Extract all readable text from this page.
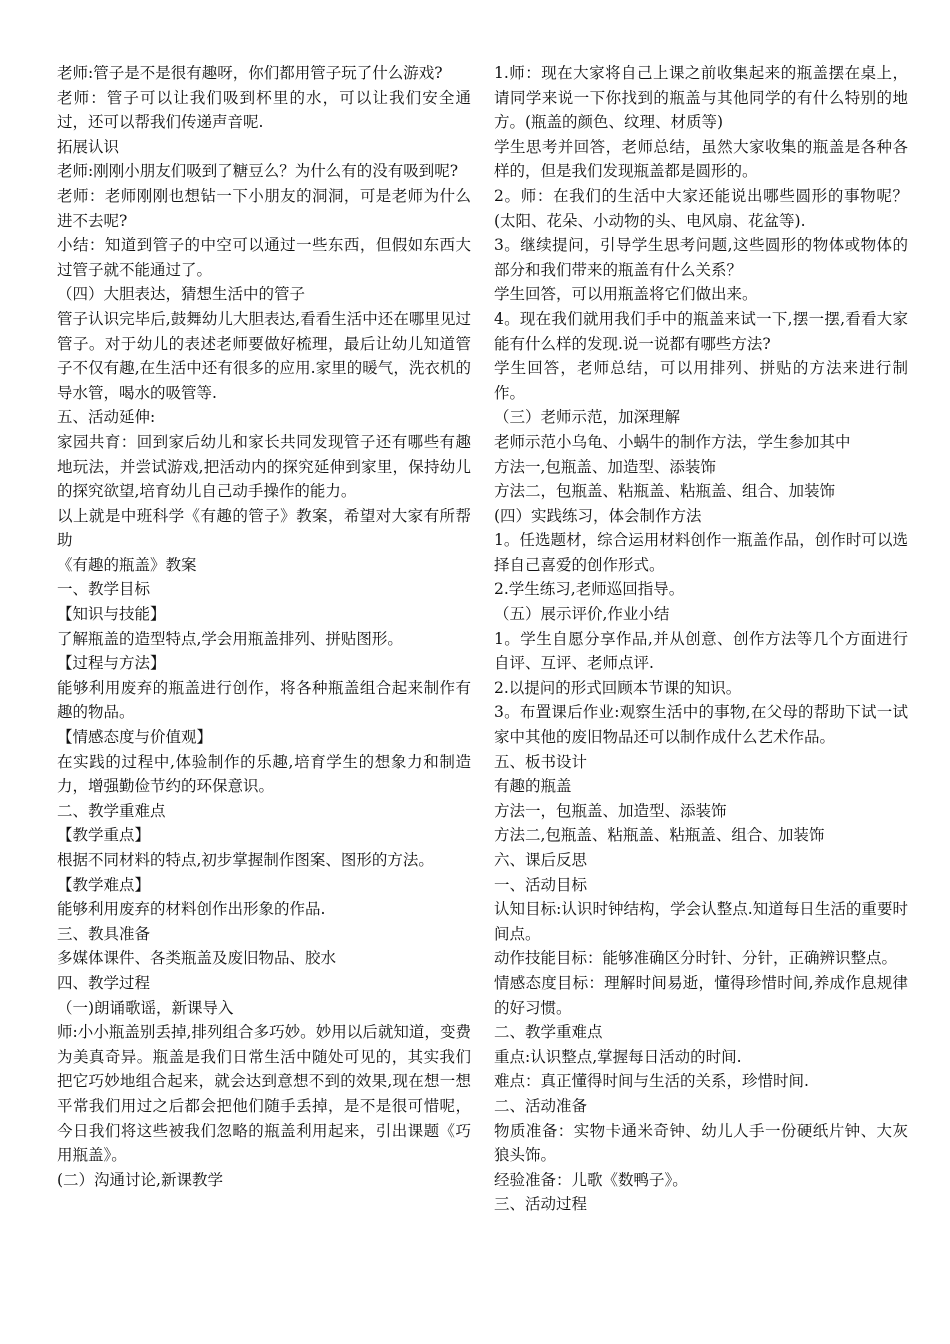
老师:管子是不是很有趣呀，你们都用管子玩了什么游戏?

老师：管子可以让我们吸到杯里的水，可以让我们安全通过，还可以帮我们传递声音呢.

拓展认识

老师:刚刚小朋友们吸到了糖豆么？为什么有的没有吸到呢?

老师：老师刚刚也想钻一下小朋友的洞洞，可是老师为什么进不去呢?

小结：知道到管子的中空可以通过一些东西，但假如东西大过管子就不能通过了。

（四）大胆表达，猜想生活中的管子

管子认识完毕后,鼓舞幼儿大胆表达,看看生活中还在哪里见过管子。对于幼儿的表述老师要做好梳理，最后让幼儿知道管子不仅有趣,在生活中还有很多的应用.家里的暖气，洗衣机的导水管，喝水的吸管等.

五、活动延伸:

家园共育：回到家后幼儿和家长共同发现管子还有哪些有趣地玩法，并尝试游戏,把活动内的探究延伸到家里，保持幼儿的探究欲望,培育幼儿自己动手操作的能力。

以上就是中班科学《有趣的管子》教案，希望对大家有所帮助

《有趣的瓶盖》教案

一、教学目标

【知识与技能】

了解瓶盖的造型特点,学会用瓶盖排列、拼贴图形。

【过程与方法】

能够利用废弃的瓶盖进行创作，将各种瓶盖组合起来制作有趣的物品。

【情感态度与价值观】

在实践的过程中,体验制作的乐趣,培育学生的想象力和制造力，增强勤俭节约的环保意识。

二、教学重难点

【教学重点】

根据不同材料的特点,初步掌握制作图案、图形的方法。

【教学难点】

能够利用废弃的材料创作出形象的作品.

三、教具准备

多媒体课件、各类瓶盖及废旧物品、胶水

四、教学过程

（一)朗诵歌谣，新课导入

师:小小瓶盖别丢掉,排列组合多巧妙。妙用以后就知道，变费为美真奇异。瓶盖是我们日常生活中随处可见的，其实我们把它巧妙地组合起来，就会达到意想不到的效果,现在想一想平常我们用过之后都会把他们随手丢掉，是不是很可惜呢，今日我们将这些被我们忽略的瓶盖利用起来，引出课题《巧用瓶盖》。

(二）沟通讨论,新课教学

1.师：现在大家将自己上课之前收集起来的瓶盖摆在桌上，请同学来说一下你找到的瓶盖与其他同学的有什么特别的地方。(瓶盖的颜色、纹理、材质等)

学生思考并回答，老师总结，虽然大家收集的瓶盖是各种各样的，但是我们发现瓶盖都是圆形的。

2。师：在我们的生活中大家还能说出哪些圆形的事物呢？(太阳、花朵、小动物的头、电风扇、花盆等).

3。继续提问，引导学生思考问题,这些圆形的物体或物体的部分和我们带来的瓶盖有什么关系？

学生回答，可以用瓶盖将它们做出来。

4。现在我们就用我们手中的瓶盖来试一下,摆一摆,看看大家能有什么样的发现.说一说都有哪些方法?

学生回答，老师总结，可以用排列、拼贴的方法来进行制作。

（三）老师示范，加深理解

老师示范小乌龟、小蜗牛的制作方法，学生参加其中

方法一,包瓶盖、加造型、添装饰

方法二，包瓶盖、粘瓶盖、粘瓶盖、组合、加装饰

(四）实践练习，体会制作方法

1。任选题材，综合运用材料创作一瓶盖作品，创作时可以选择自己喜爱的创作形式。

2.学生练习,老师巡回指导。

（五）展示评价,作业小结

1。学生自愿分享作品,并从创意、创作方法等几个方面进行自评、互评、老师点评.

2.以提问的形式回顾本节课的知识。

3。布置课后作业:观察生活中的事物,在父母的帮助下试一试家中其他的废旧物品还可以制作成什么艺术作品。

五、板书设计

有趣的瓶盖

方法一，包瓶盖、加造型、添装饰

方法二,包瓶盖、粘瓶盖、粘瓶盖、组合、加装饰

六、课后反思

一、活动目标

认知目标:认识时钟结构，学会认整点.知道每日生活的重要时间点。

动作技能目标：能够准确区分时针、分针，正确辨识整点。

情感态度目标：理解时间易逝，懂得珍惜时间,养成作息规律的好习惯。

二、教学重难点

重点:认识整点,掌握每日活动的时间.

难点：真正懂得时间与生活的关系，珍惜时间.

二、活动准备

物质准备：实物卡通米奇钟、幼儿人手一份硬纸片钟、大灰狼头饰。

经验准备：儿歌《数鸭子》。

三、活动过程
